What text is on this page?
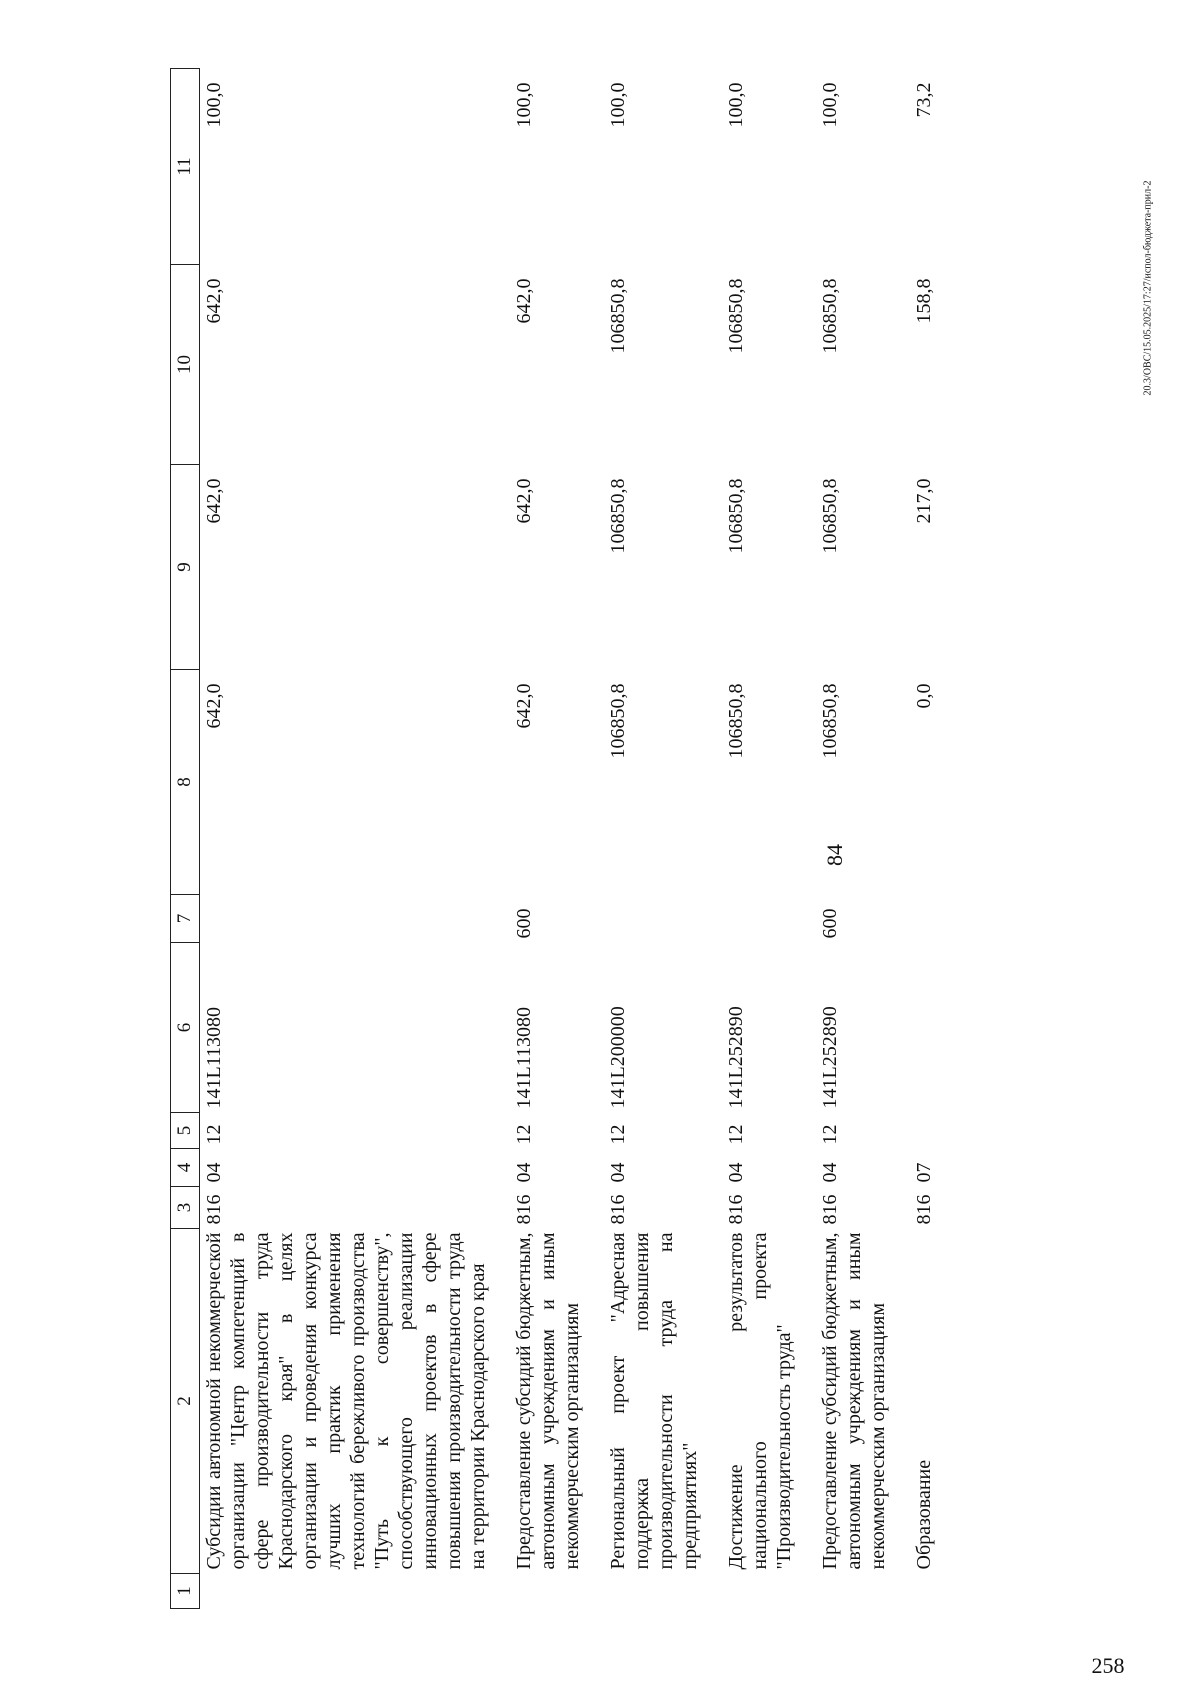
84
20.3/ОВС/15.05.2025/17:27/испол-бюджета-прил-2
258
1	2	3	4	5	6	7	8	9	10	11
	Субсидии автономной некоммерческой организации "Центр компетенций в сфере производительности труда Краснодарского края" в целях организации и проведения конкурса лучших практик применения технологий бережливого производства "Путь к совершенству", способствующего реализации инновационных проектов в сфере повышения производительности труда на территории Краснодарского края	816	04	12	141L113080		642,0	642,0	642,0	100,0
	Предоставление субсидий бюджетным, автономным учреждениям и иным некоммерческим организациям	816	04	12	141L113080	600	642,0	642,0	642,0	100,0
	Региональный проект "Адресная поддержка повышения производительности труда на предприятиях"	816	04	12	141L200000		106850,8	106850,8	106850,8	100,0
	Достижение результатов национального проекта "Производительность труда"	816	04	12	141L252890		106850,8	106850,8	106850,8	100,0
	Предоставление субсидий бюджетным, автономным учреждениям и иным некоммерческим организациям	816	04	12	141L252890	600	106850,8	106850,8	106850,8	100,0
	Образование	816	07				0,0	217,0	158,8	73,2
